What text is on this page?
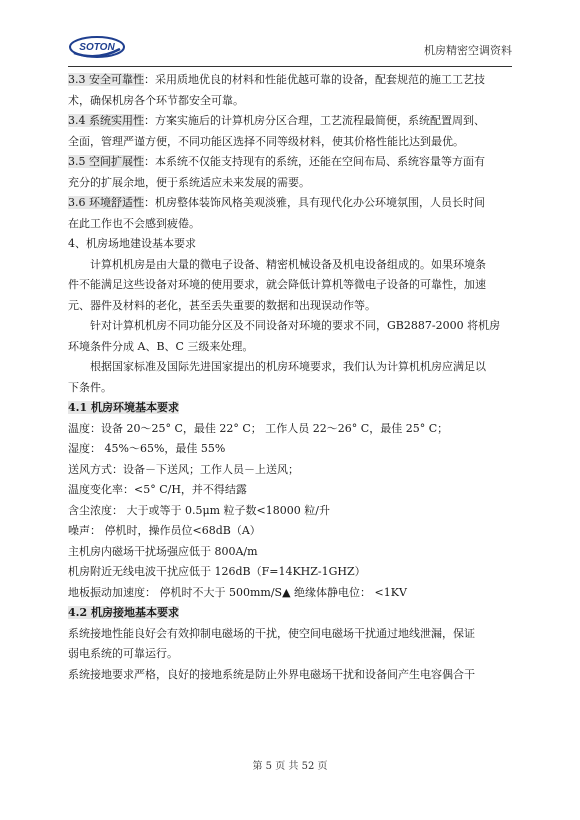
SOTON	机房精密空调资料
3.3 安全可靠性：采用质地优良的材料和性能优越可靠的设备，配套规范的施工工艺技
术，确保机房各个环节都安全可靠。
3.4 系统实用性：方案实施后的计算机房分区合理，工艺流程最简便，系统配置周到、
全面，管理严谨方便，不同功能区选择不同等级材料，使其价格性能比达到最优。
3.5 空间扩展性：本系统不仅能支持现有的系统，还能在空间布局、系统容量等方面有
充分的扩展余地，便于系统适应未来发展的需要。
3.6 环境舒适性：机房整体装饰风格美观淡雅，具有现代化办公环境氛围，人员长时间
在此工作也不会感到疲倦。
4、机房场地建设基本要求
计算机机房是由大量的微电子设备、精密机械设备及机电设备组成的。如果环境条
件不能满足这些设备对环境的使用要求，就会降低计算机等微电子设备的可靠性，加速
元、器件及材料的老化，甚至丢失重要的数据和出现误动作等。
针对计算机机房不同功能分区及不同设备对环境的要求不同，GB2887-2000 将机房
环境条件分成 A、B、C 三级来处理。
根据国家标准及国际先进国家提出的机房环境要求，我们认为计算机机房应满足以
下条件。
4.1 机房环境基本要求
温度：设备 20～25° C，最佳 22° C； 工作人员 22～26° C，最佳 25° C；
湿度： 45%～65%，最佳 55%
送风方式：设备－下送风；工作人员－上送风；
温度变化率：<5° C/H，并不得结露
含尘浓度： 大于或等于 0.5μm 粒子数<18000 粒/升
噪声： 停机时，操作员位<68dB（A）
主机房内磁场干扰场强应低于 800A/m
机房附近无线电波干扰应低于 126dB（F=14KHZ-1GHZ）
地板振动加速度： 停机时不大于 500mm/S▲ 绝缘体静电位： <1KV
4.2 机房接地基本要求
系统接地性能良好会有效抑制电磁场的干扰，使空间电磁场干扰通过地线泄漏，保证
弱电系统的可靠运行。
系统接地要求严格，良好的接地系统是防止外界电磁场干扰和设备间产生电容偶合干
第 5 页 共 52 页
